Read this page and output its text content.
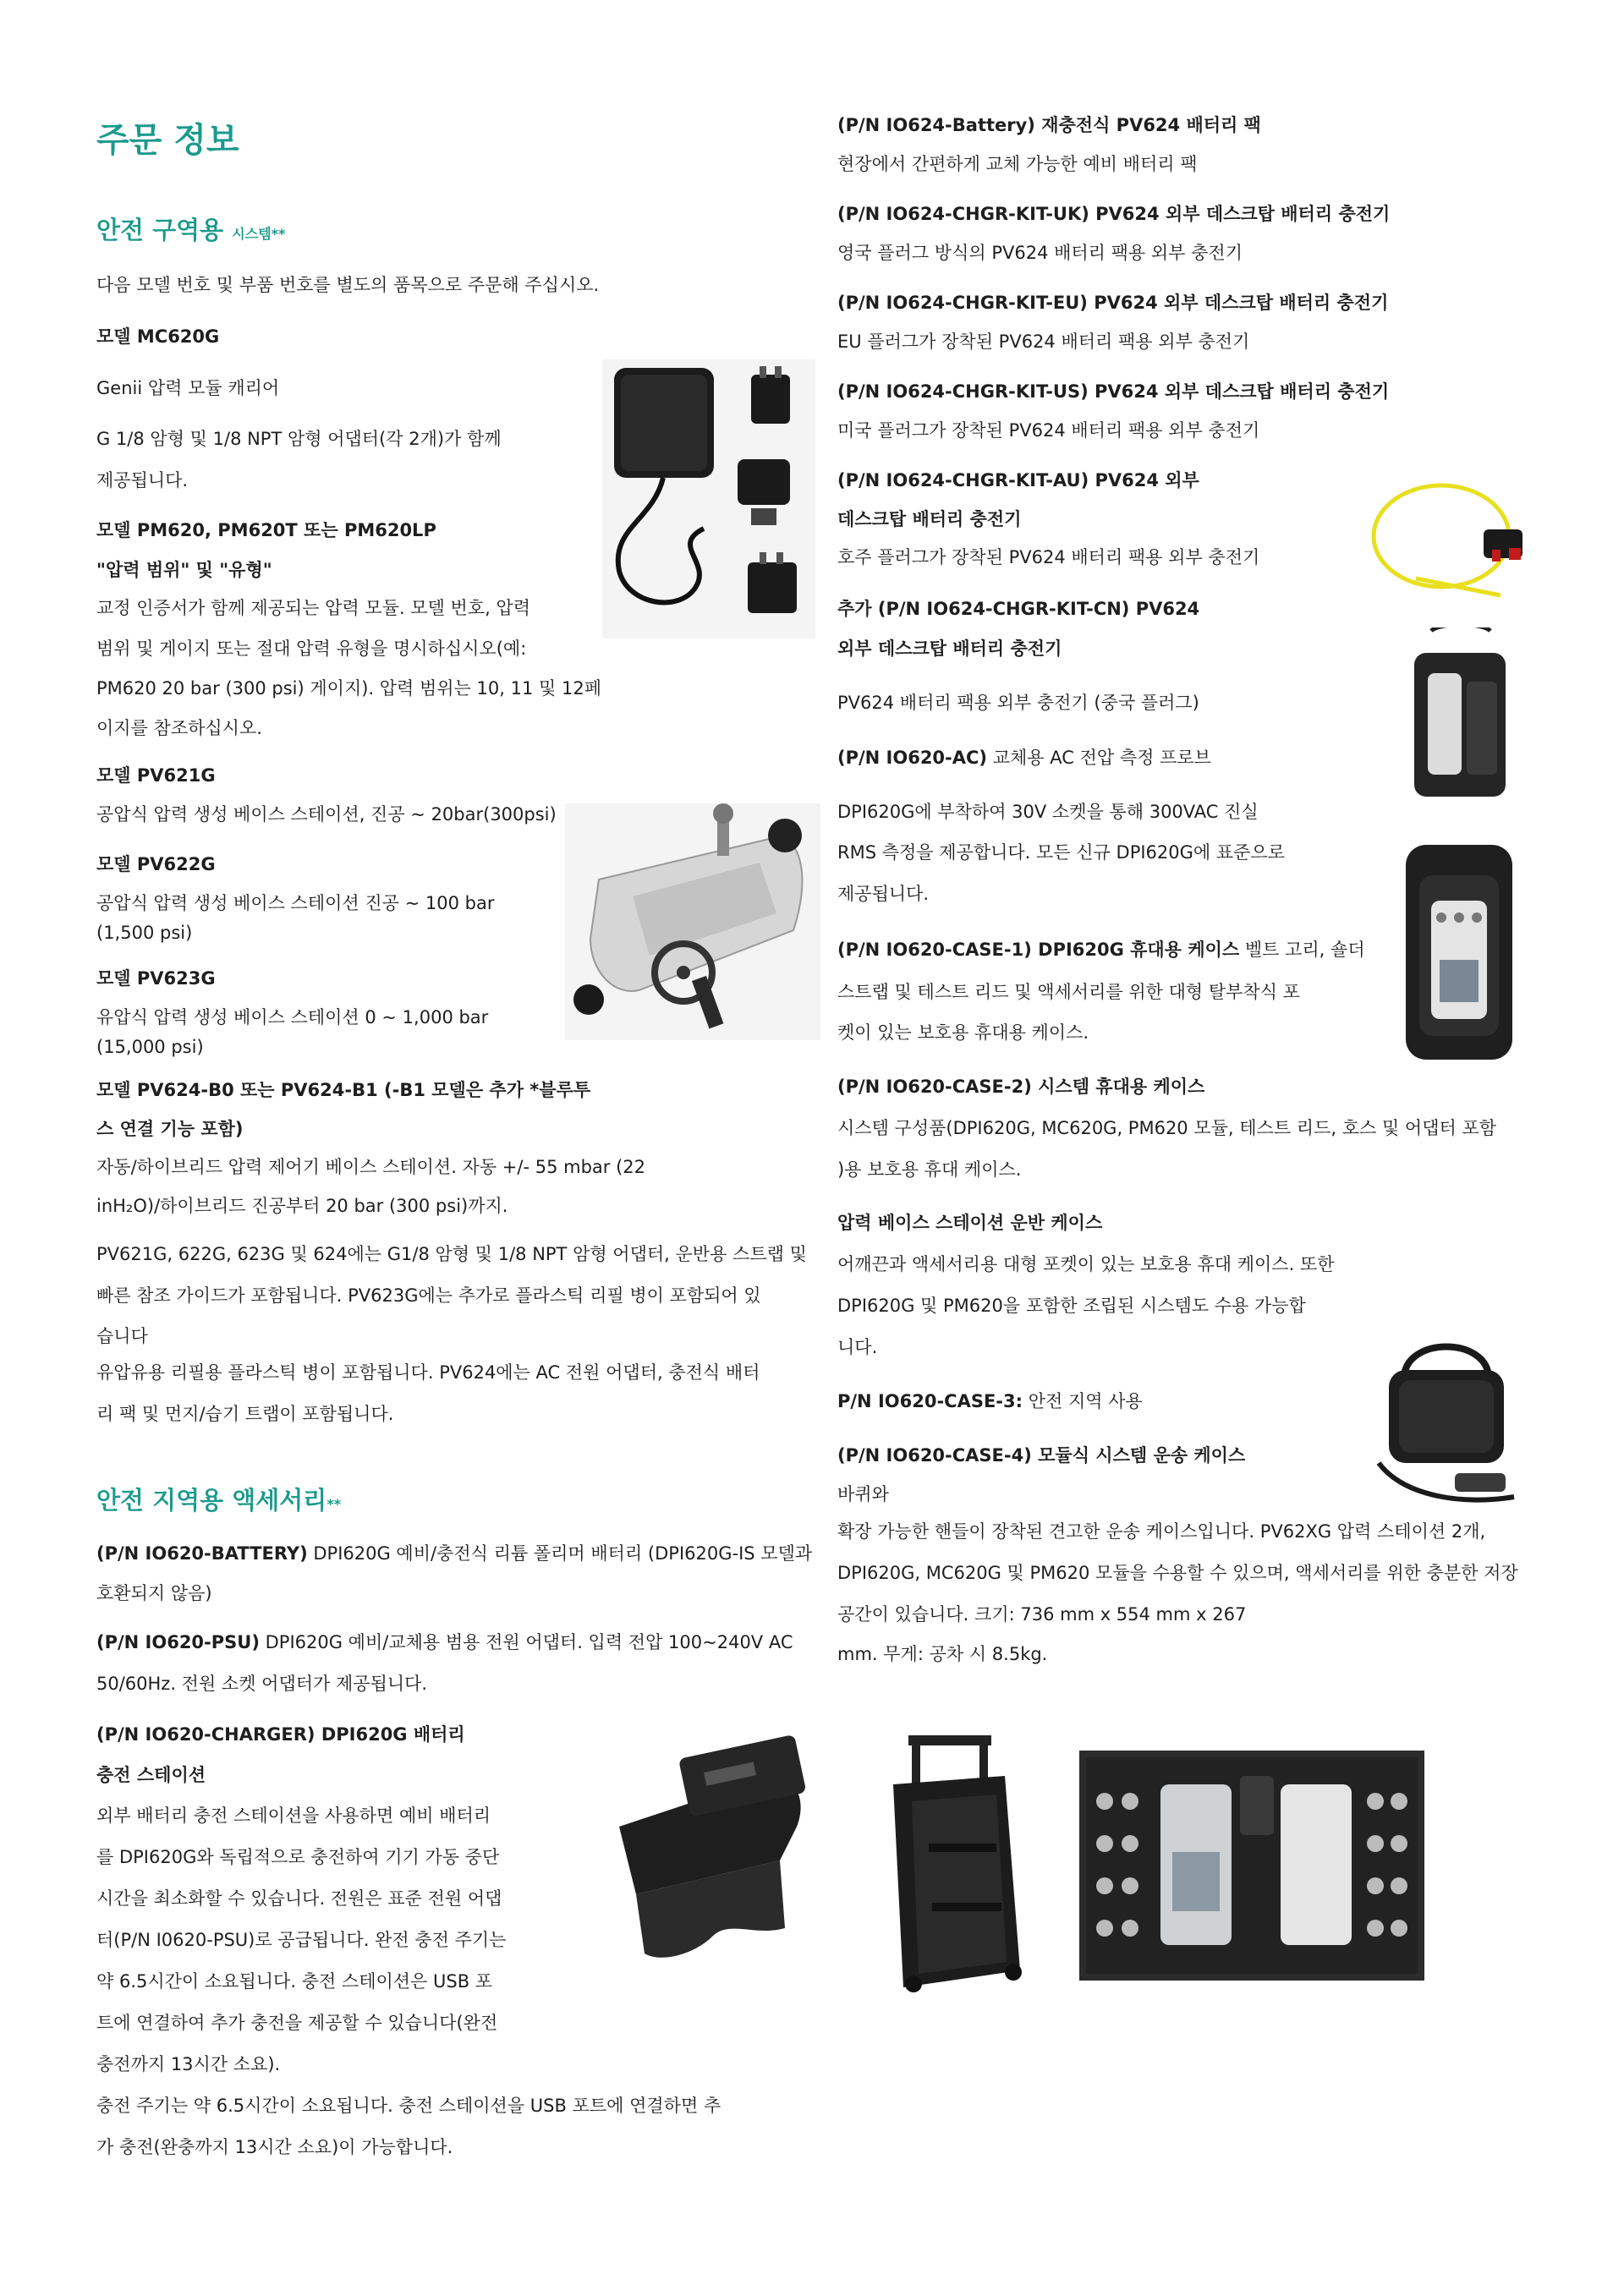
주문 정보
안전 구역용 시스템**
다음 모델 번호 및 부품 번호를 별도의 품목으로 주문해 주십시오.
모델 MC620G
Genii 압력 모듈 캐리어
G 1/8 암형 및 1/8 NPT 암형 어댑터(각 2개)가 함께
제공됩니다.
모델 PM620, PM620T 또는 PM620LP
"압력 범위" 및 "유형"
교정 인증서가 함께 제공되는 압력 모듈. 모델 번호, 압력
범위 및 게이지 또는 절대 압력 유형을 명시하십시오(예:
PM620 20 bar (300 psi) 게이지). 압력 범위는 10, 11 및 12페
이지를 참조하십시오.
모델 PV621G
공압식 압력 생성 베이스 스테이션, 진공 ~ 20bar(300psi)
모델 PV622G
공압식 압력 생성 베이스 스테이션 진공 ~ 100 bar
(1,500 psi)
모델 PV623G
유압식 압력 생성 베이스 스테이션 0 ~ 1,000 bar
(15,000 psi)
모델 PV624-B0 또는 PV624-B1 (-B1 모델은 추가 *블루투
스 연결 기능 포함)
자동/하이브리드 압력 제어기 베이스 스테이션. 자동 +/- 55 mbar (22
inH₂O)/하이브리드 진공부터 20 bar (300 psi)까지.
PV621G, 622G, 623G 및 624에는 G1/8 암형 및 1/8 NPT 암형 어댑터, 운반용 스트랩 및
빠른 참조 가이드가 포함됩니다. PV623G에는 추가로 플라스틱 리필 병이 포함되어 있
습니다
유압유용 리필용 플라스틱 병이 포함됩니다. PV624에는 AC 전원 어댑터, 충전식 배터
리 팩 및 먼지/습기 트랩이 포함됩니다.
안전 지역용 액세서리**
(P/N IO620-BATTERY) DPI620G 예비/충전식 리튬 폴리머 배터리 (DPI620G-IS 모델과
호환되지 않음)
(P/N IO620-PSU) DPI620G 예비/교체용 범용 전원 어댑터. 입력 전압 100~240V AC
50/60Hz. 전원 소켓 어댑터가 제공됩니다.
(P/N IO620-CHARGER) DPI620G 배터리
충전 스테이션
외부 배터리 충전 스테이션을 사용하면 예비 배터리
를 DPI620G와 독립적으로 충전하여 기기 가동 중단
시간을 최소화할 수 있습니다. 전원은 표준 전원 어댑
터(P/N I0620-PSU)로 공급됩니다. 완전 충전 주기는
약 6.5시간이 소요됩니다. 충전 스테이션은 USB 포
트에 연결하여 추가 충전을 제공할 수 있습니다(완전
충전까지 13시간 소요).
충전 주기는 약 6.5시간이 소요됩니다. 충전 스테이션을 USB 포트에 연결하면 추
가 충전(완충까지 13시간 소요)이 가능합니다.
(P/N IO624-Battery) 재충전식 PV624 배터리 팩
현장에서 간편하게 교체 가능한 예비 배터리 팩
(P/N IO624-CHGR-KIT-UK) PV624 외부 데스크탑 배터리 충전기
영국 플러그 방식의 PV624 배터리 팩용 외부 충전기
(P/N IO624-CHGR-KIT-EU) PV624 외부 데스크탑 배터리 충전기
EU 플러그가 장착된 PV624 배터리 팩용 외부 충전기
(P/N IO624-CHGR-KIT-US) PV624 외부 데스크탑 배터리 충전기
미국 플러그가 장착된 PV624 배터리 팩용 외부 충전기
(P/N IO624-CHGR-KIT-AU) PV624 외부
데스크탑 배터리 충전기
호주 플러그가 장착된 PV624 배터리 팩용 외부 충전기
추가 (P/N IO624-CHGR-KIT-CN) PV624
외부 데스크탑 배터리 충전기
PV624 배터리 팩용 외부 충전기 (중국 플러그)
(P/N IO620-AC) 교체용 AC 전압 측정 프로브
DPI620G에 부착하여 30V 소켓을 통해 300VAC 진실
RMS 측정을 제공합니다. 모든 신규 DPI620G에 표준으로
제공됩니다.
(P/N IO620-CASE-1) DPI620G 휴대용 케이스 벨트 고리, 숄더
스트랩 및 테스트 리드 및 액세서리를 위한 대형 탈부착식 포
켓이 있는 보호용 휴대용 케이스.
(P/N IO620-CASE-2) 시스템 휴대용 케이스
시스템 구성품(DPI620G, MC620G, PM620 모듈, 테스트 리드, 호스 및 어댑터 포함
)용 보호용 휴대 케이스.
압력 베이스 스테이션 운반 케이스
어깨끈과 액세서리용 대형 포켓이 있는 보호용 휴대 케이스. 또한
DPI620G 및 PM620을 포함한 조립된 시스템도 수용 가능합
니다.
P/N IO620-CASE-3: 안전 지역 사용
(P/N IO620-CASE-4) 모듈식 시스템 운송 케이스
바퀴와
확장 가능한 핸들이 장착된 견고한 운송 케이스입니다. PV62XG 압력 스테이션 2개,
DPI620G, MC620G 및 PM620 모듈을 수용할 수 있으며, 액세서리를 위한 충분한 저장
공간이 있습니다. 크기: 736 mm x 554 mm x 267
mm. 무게: 공차 시 8.5kg.
